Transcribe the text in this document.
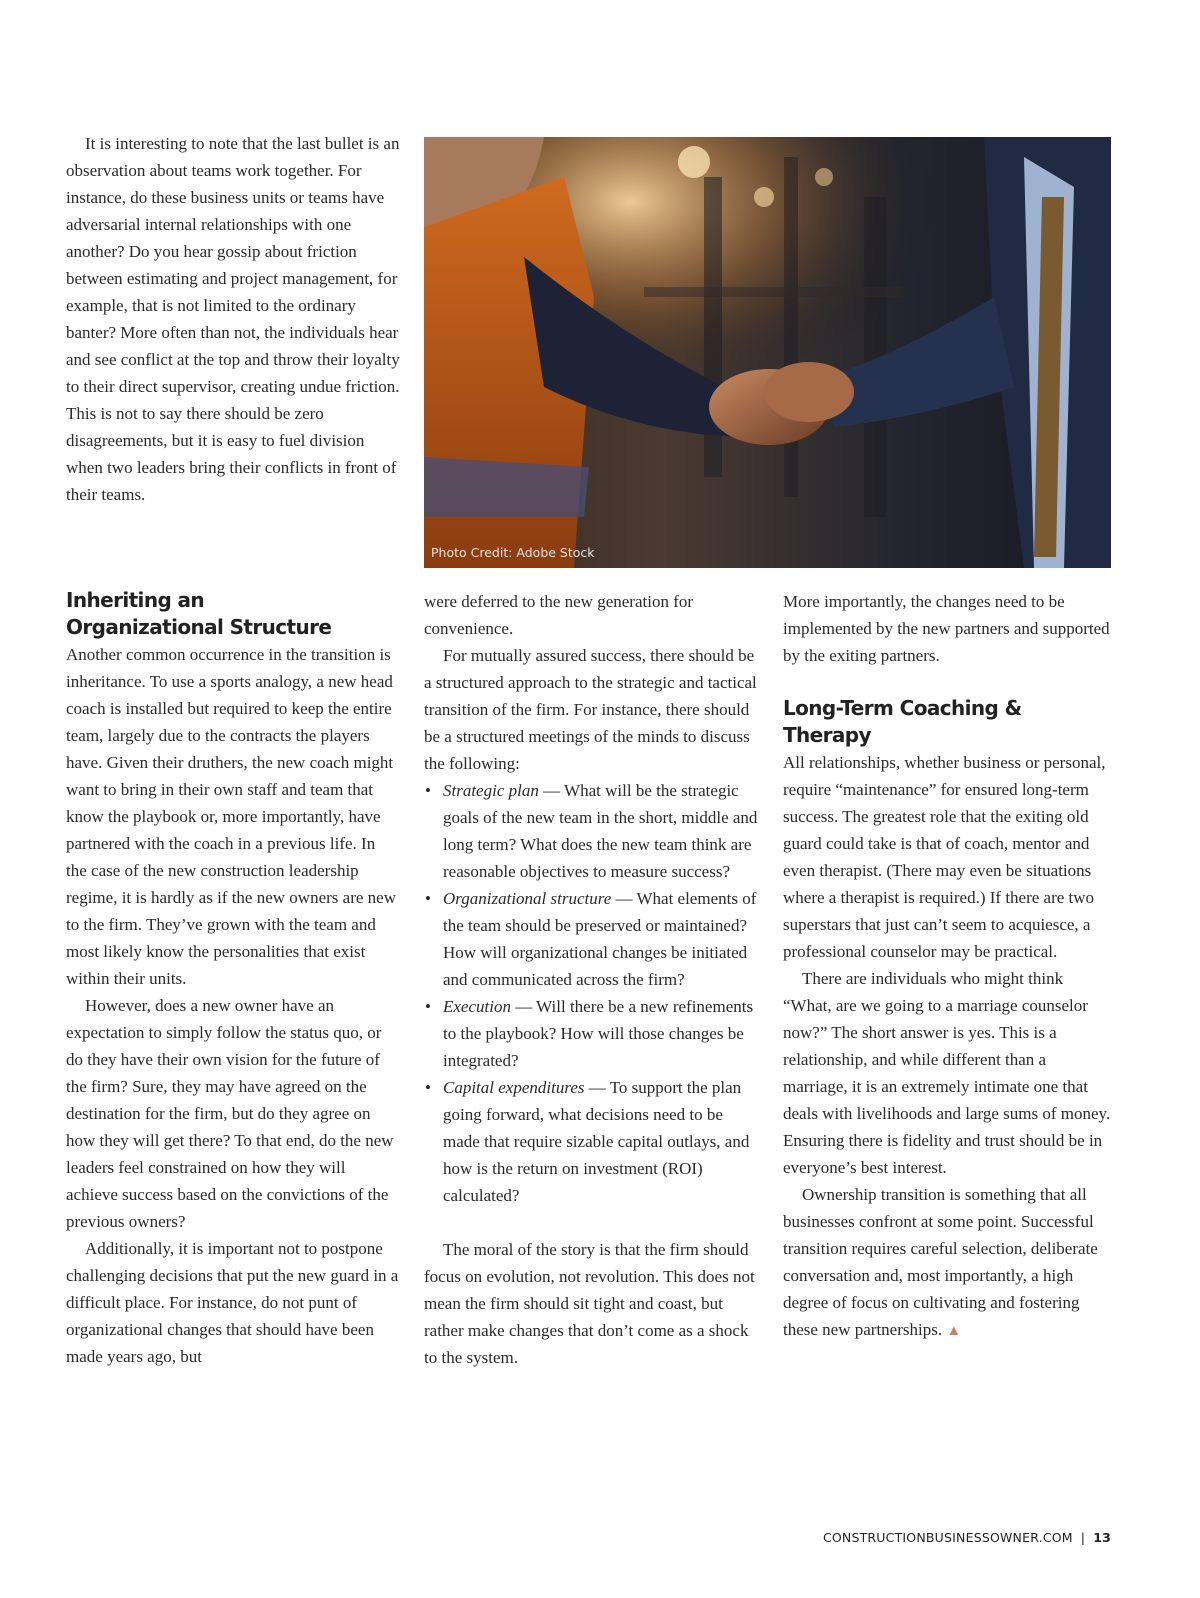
It is interesting to note that the last bullet is an observation about teams work together. For instance, do these business units or teams have adversarial internal relationships with one another? Do you hear gossip about friction between estimating and project management, for example, that is not limited to the ordinary banter? More often than not, the individuals hear and see conflict at the top and throw their loyalty to their direct supervisor, creating undue friction. This is not to say there should be zero disagreements, but it is easy to fuel division when two leaders bring their conflicts in front of their teams.

Photo Credit: Adobe Stock
Inheriting an Organizational Structure

Another common occurrence in the transition is inheritance. To use a sports analogy, a new head coach is installed but required to keep the entire team, largely due to the contracts the players have. Given their druthers, the new coach might want to bring in their own staff and team that know the playbook or, more importantly, have partnered with the coach in a previous life. In the case of the new construction leadership regime, it is hardly as if the new owners are new to the firm. They’ve grown with the team and most likely know the personalities that exist within their units.

However, does a new owner have an expectation to simply follow the status quo, or do they have their own vision for the future of the firm? Sure, they may have agreed on the destination for the firm, but do they agree on how they will get there? To that end, do the new leaders feel constrained on how they will achieve success based on the convictions of the previous owners?

Additionally, it is important not to postpone challenging decisions that put the new guard in a difficult place. For instance, do not punt of organizational changes that should have been made years ago, but

were deferred to the new generation for convenience.

For mutually assured success, there should be a structured approach to the strategic and tactical transition of the firm. For instance, there should be a structured meetings of the minds to discuss the following:

• Strategic plan — What will be the strategic goals of the new team in the short, middle and long term? What does the new team think are reasonable objectives to measure success?
• Organizational structure — What elements of the team should be preserved or maintained? How will organizational changes be initiated and communicated across the firm?
• Execution — Will there be a new refinements to the playbook? How will those changes be integrated?
• Capital expenditures — To support the plan going forward, what decisions need to be made that require sizable capital outlays, and how is the return on investment (ROI) calculated?

The moral of the story is that the firm should focus on evolution, not revolution. This does not mean the firm should sit tight and coast, but rather make changes that don’t come as a shock to the system.

More importantly, the changes need to be implemented by the new partners and supported by the exiting partners.

Long-Term Coaching & Therapy

All relationships, whether business or personal, require “maintenance” for ensured long-term success. The greatest role that the exiting old guard could take is that of coach, mentor and even therapist. (There may even be situations where a therapist is required.) If there are two superstars that just can’t seem to acquiesce, a professional counselor may be practical.

There are individuals who might think “What, are we going to a marriage counselor now?” The short answer is yes. This is a relationship, and while different than a marriage, it is an extremely intimate one that deals with livelihoods and large sums of money. Ensuring there is fidelity and trust should be in everyone’s best interest.

Ownership transition is something that all businesses confront at some point. Successful transition requires careful selection, deliberate conversation and, most importantly, a high degree of focus on cultivating and fostering these new partnerships. ▲

CONSTRUCTIONBUSINESSOWNER.COM | 13
